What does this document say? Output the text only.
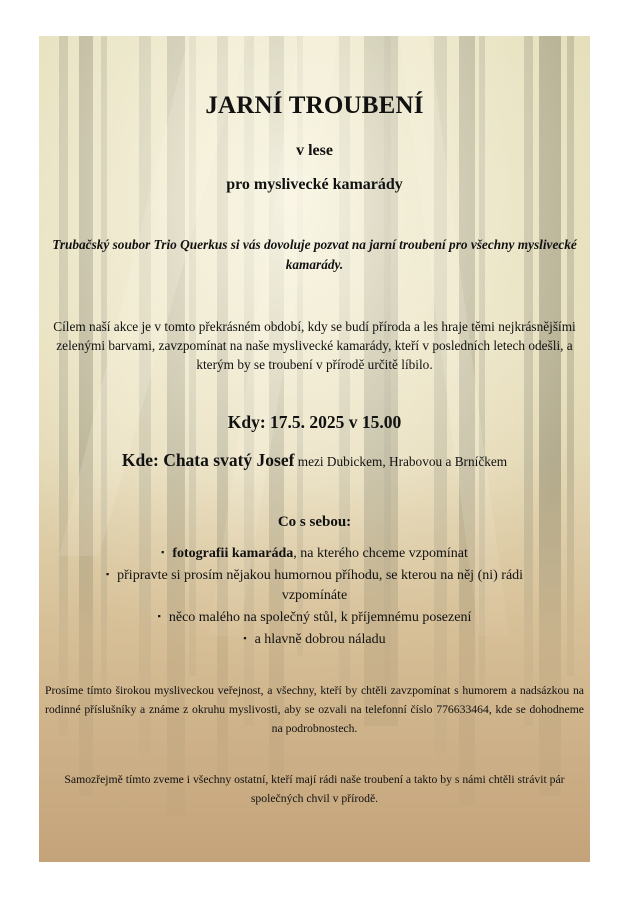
JARNÍ TROUBENÍ
v lese
pro myslivecké kamarády
Trubačský soubor Trio Querkus si vás dovoluje pozvat na jarní troubení pro všechny myslivecké kamarády.
Cílem naší akce je v tomto překrásném období, kdy se budí příroda a les hraje těmi nejkrásnějšími zelenými barvami, zavzpomínat na naše myslivecké kamarády, kteří v posledních letech odešli, a kterým by se troubení v přírodě určitě líbilo.
Kdy: 17.5. 2025 v 15.00
Kde: Chata svatý Josef mezi Dubickem, Hrabovou a Brníčkem
Co s sebou:
▪ fotografii kamaráda, na kterého chceme vzpomínat
▪ připravte si prosím nějakou humornou příhodu, se kterou na něj (ni) rádi vzpomínáte
▪ něco malého na společný stůl, k příjemnému posezení
▪ a hlavně dobrou náladu
Prosíme tímto širokou mysliveckou veřejnost, a všechny, kteří by chtěli zavzpomínat s humorem a nadsázkou na rodinné příslušníky a známe z okruhu myslivosti, aby se ozvali na telefonní číslo 776633464, kde se dohodneme na podrobnostech.
Samozřejmě tímto zveme i všechny ostatní, kteří mají rádi naše troubení a takto by s námi chtěli strávit pár společných chvil v přírodě.
